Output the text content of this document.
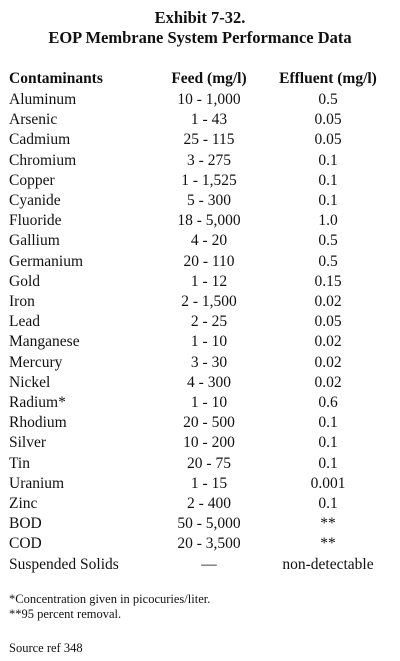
Exhibit 7-32.
EOP Membrane System Performance Data
Contaminants	Feed (mg/l)	Effluent (mg/l)
Aluminum	10 - 1,000	0.5
Arsenic	1 - 43	0.05
Cadmium	25 - 115	0.05
Chromium	3 - 275	0.1
Copper	1 - 1,525	0.1
Cyanide	5 - 300	0.1
Fluoride	18 - 5,000	1.0
Gallium	4 - 20	0.5
Germanium	20 - 110	0.5
Gold	1 - 12	0.15
Iron	2 - 1,500	0.02
Lead	2 - 25	0.05
Manganese	1 - 10	0.02
Mercury	3 - 30	0.02
Nickel	4 - 300	0.02
Radium*	1 - 10	0.6
Rhodium	20 - 500	0.1
Silver	10 - 200	0.1
Tin	20 - 75	0.1
Uranium	1 - 15	0.001
Zinc	2 - 400	0.1
BOD	50 - 5,000	**
COD	20 - 3,500	**
Suspended Solids	—	non-detectable
*Concentration given in picocuries/liter.
**95 percent removal.
Source ref 348
